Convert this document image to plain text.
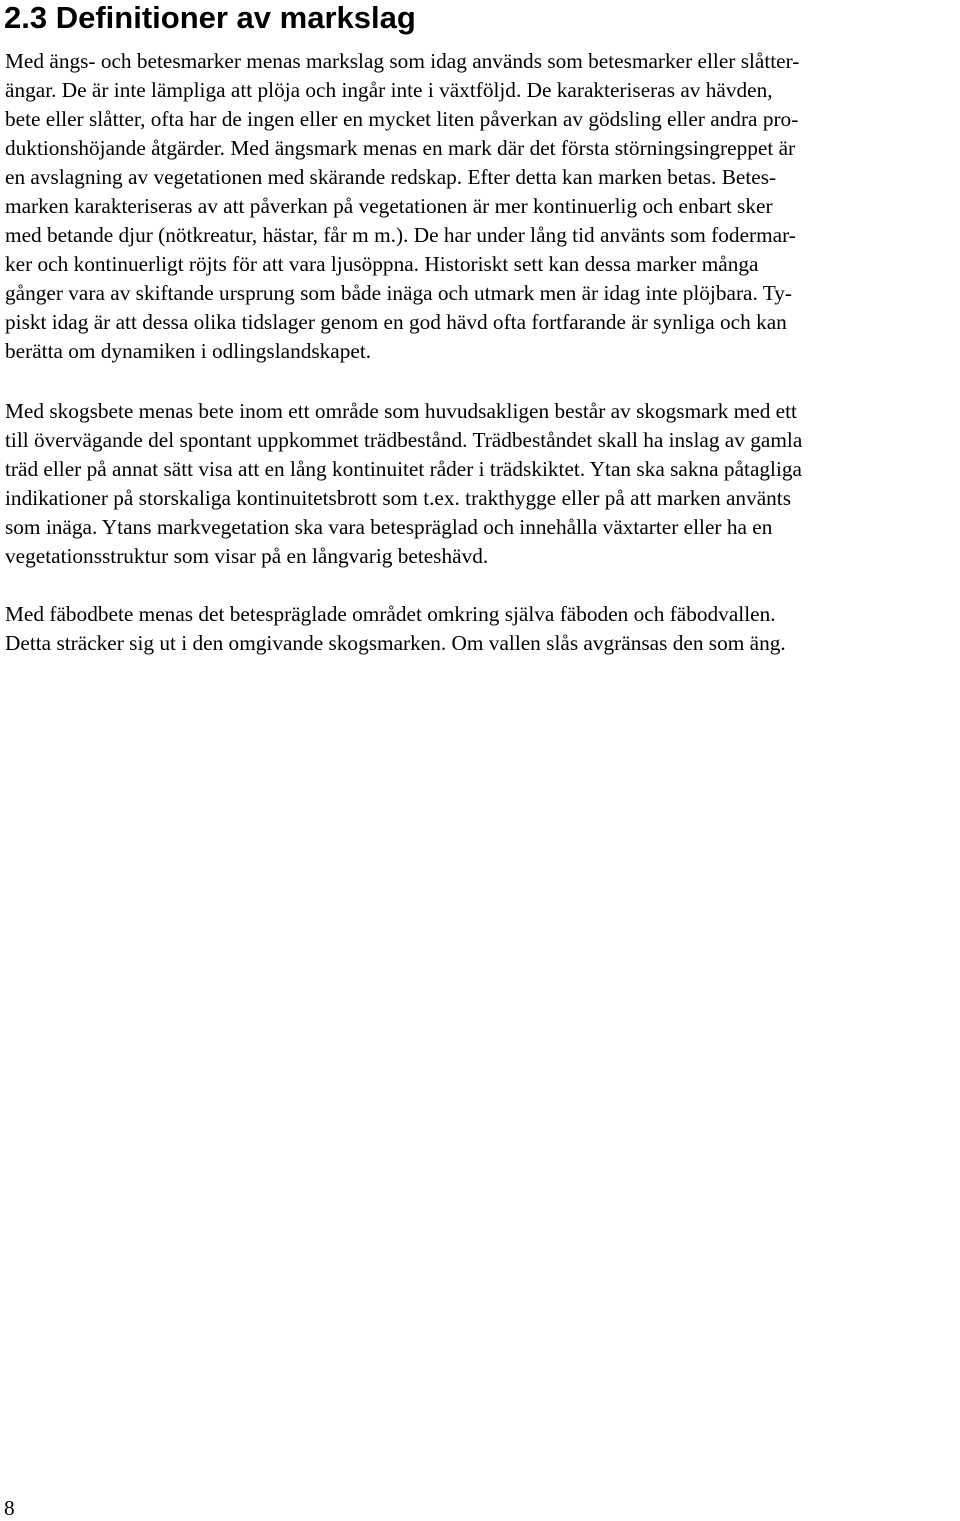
2.3 Definitioner av markslag

Med ängs- och betesmarker menas markslag som idag används som betesmarker eller slåtter-
ängar. De är inte lämpliga att plöja och ingår inte i växtföljd. De karakteriseras av hävden,
bete eller slåtter, ofta har de ingen eller en mycket liten påverkan av gödsling eller andra pro-
duktionshöjande åtgärder. Med ängsmark menas en mark där det första störningsingreppet är
en avslagning av vegetationen med skärande redskap. Efter detta kan marken betas. Betes-
marken karakteriseras av att påverkan på vegetationen är mer kontinuerlig och enbart sker
med betande djur (nötkreatur, hästar, får m m.). De har under lång tid använts som fodermar-
ker och kontinuerligt röjts för att vara ljusöppna. Historiskt sett kan dessa marker många
gånger vara av skiftande ursprung som både inäga och utmark men är idag inte plöjbara. Ty-
piskt idag är att dessa olika tidslager genom en god hävd ofta fortfarande är synliga och kan
berätta om dynamiken i odlingslandskapet.

Med skogsbete menas bete inom ett område som huvudsakligen består av skogsmark med ett
till övervägande del spontant uppkommet trädbestånd. Trädbeståndet skall ha inslag av gamla
träd eller på annat sätt visa att en lång kontinuitet råder i trädskiktet. Ytan ska sakna påtagliga
indikationer på storskaliga kontinuitetsbrott som t.ex. trakthygge eller på att marken använts
som inäga. Ytans markvegetation ska vara betespräglad och innehålla växtarter eller ha en
vegetationsstruktur som visar på en långvarig beteshävd.

Med fäbodbete menas det betespräglade området omkring själva fäboden och fäbodvallen.
Detta sträcker sig ut i den omgivande skogsmarken. Om vallen slås avgränsas den som äng.

8
